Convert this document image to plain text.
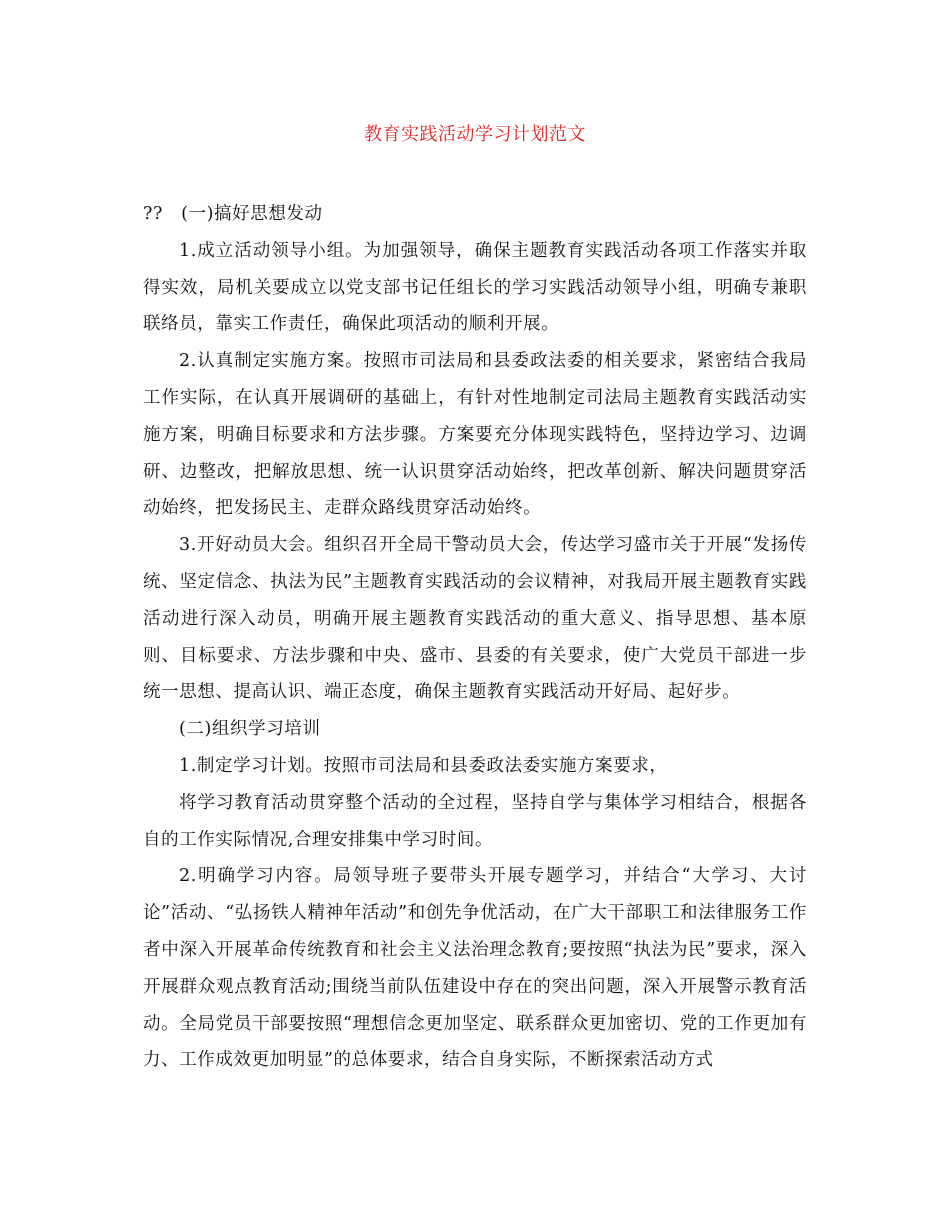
教育实践活动学习计划范文

??　(一)搞好思想发动

1.成立活动领导小组。为加强领导，确保主题教育实践活动各项工作落实并取得实效，局机关要成立以党支部书记任组长的学习实践活动领导小组，明确专兼职联络员，靠实工作责任，确保此项活动的顺利开展。

2.认真制定实施方案。按照市司法局和县委政法委的相关要求，紧密结合我局工作实际，在认真开展调研的基础上，有针对性地制定司法局主题教育实践活动实施方案，明确目标要求和方法步骤。方案要充分体现实践特色，坚持边学习、边调研、边整改，把解放思想、统一认识贯穿活动始终，把改革创新、解决问题贯穿活动始终，把发扬民主、走群众路线贯穿活动始终。

3.开好动员大会。组织召开全局干警动员大会，传达学习盛市关于开展“发扬传统、坚定信念、执法为民”主题教育实践活动的会议精神，对我局开展主题教育实践活动进行深入动员，明确开展主题教育实践活动的重大意义、指导思想、基本原则、目标要求、方法步骤和中央、盛市、县委的有关要求，使广大党员干部进一步统一思想、提高认识、端正态度，确保主题教育实践活动开好局、起好步。

(二)组织学习培训

1.制定学习计划。按照市司法局和县委政法委实施方案要求，

将学习教育活动贯穿整个活动的全过程，坚持自学与集体学习相结合，根据各自的工作实际情况,合理安排集中学习时间。

2.明确学习内容。局领导班子要带头开展专题学习，并结合“大学习、大讨论”活动、“弘扬铁人精神年活动”和创先争优活动，在广大干部职工和法律服务工作者中深入开展革命传统教育和社会主义法治理念教育;要按照“执法为民”要求，深入开展群众观点教育活动;围绕当前队伍建设中存在的突出问题，深入开展警示教育活动。全局党员干部要按照“理想信念更加坚定、联系群众更加密切、党的工作更加有力、工作成效更加明显”的总体要求，结合自身实际，不断探索活动方式
